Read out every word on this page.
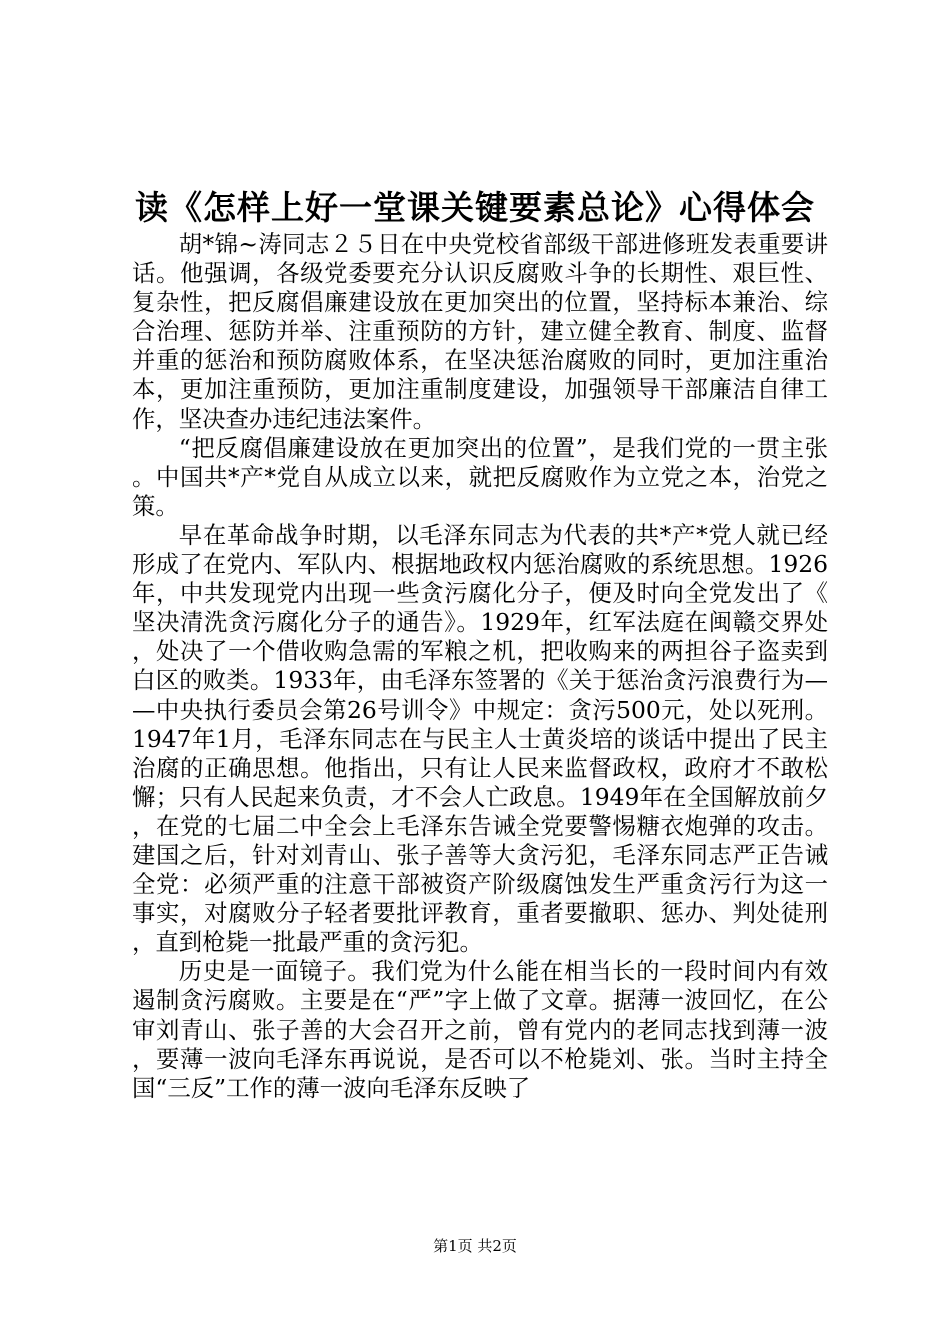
读《怎样上好一堂课关键要素总论》心得体会

胡*锦~涛同志２５日在中央党校省部级干部进修班发表重要讲话。他强调，各级党委要充分认识反腐败斗争的长期性、艰巨性、复杂性，把反腐倡廉建设放在更加突出的位置，坚持标本兼治、综合治理、惩防并举、注重预防的方针，建立健全教育、制度、监督并重的惩治和预防腐败体系，在坚决惩治腐败的同时，更加注重治本，更加注重预防，更加注重制度建设，加强领导干部廉洁自律工作，坚决查办违纪违法案件。

“把反腐倡廉建设放在更加突出的位置”，是我们党的一贯主张。中国共*产*党自从成立以来，就把反腐败作为立党之本，治党之策。

早在革命战争时期，以毛泽东同志为代表的共*产*党人就已经形成了在党内、军队内、根据地政权内惩治腐败的系统思想。1926年，中共发现党内出现一些贪污腐化分子，便及时向全党发出了《坚决清洗贪污腐化分子的通告》。1929年，红军法庭在闽赣交界处，处决了一个借收购急需的军粮之机，把收购来的两担谷子盗卖到白区的败类。1933年，由毛泽东签署的《关于惩治贪污浪费行为——中央执行委员会第26号训令》中规定：贪污500元，处以死刑。1947年1月，毛泽东同志在与民主人士黄炎培的谈话中提出了民主治腐的正确思想。他指出，只有让人民来监督政权，政府才不敢松懈；只有人民起来负责，才不会人亡政息。1949年在全国解放前夕，在党的七届二中全会上毛泽东告诫全党要警惕糖衣炮弹的攻击。建国之后，针对刘青山、张子善等大贪污犯，毛泽东同志严正告诫全党：必须严重的注意干部被资产阶级腐蚀发生严重贪污行为这一事实，对腐败分子轻者要批评教育，重者要撤职、惩办、判处徒刑，直到枪毙一批最严重的贪污犯。

历史是一面镜子。我们党为什么能在相当长的一段时间内有效遏制贪污腐败。主要是在“严”字上做了文章。据薄一波回忆，在公审刘青山、张子善的大会召开之前，曾有党内的老同志找到薄一波，要薄一波向毛泽东再说说，是否可以不枪毙刘、张。当时主持全国“三反”工作的薄一波向毛泽东反映了

第1页 共2页
